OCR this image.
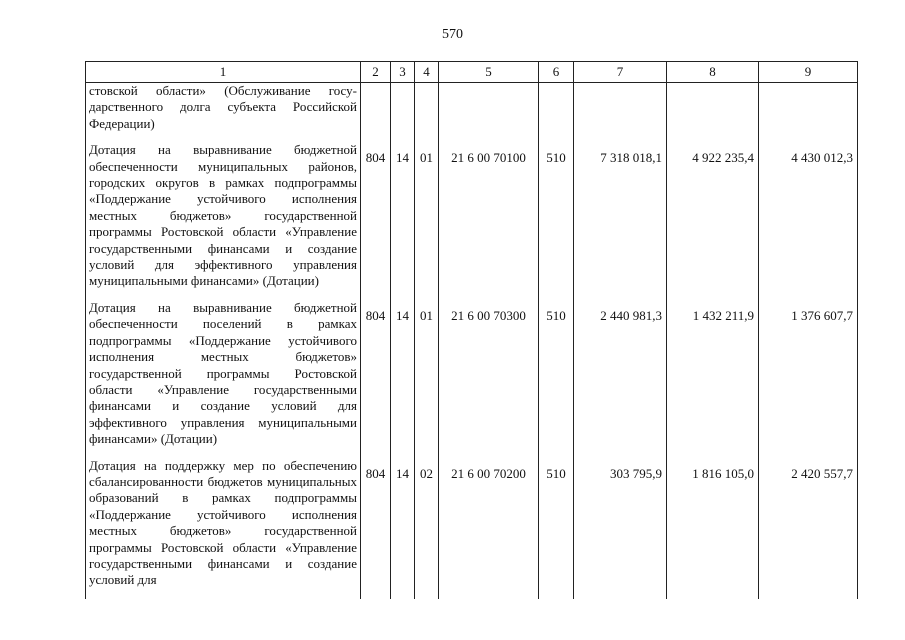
570
1	2	3	4	5	6	7	8	9
стовской области» (Обслуживание государственного долга субъекта Российской Федерации)								
Дотация на выравнивание бюджетной обеспеченности муниципальных районов, городских округов в рамках подпрограммы «Поддержание устойчивого исполнения местных бюджетов» государственной программы Ростовской области «Управление государственными финансами и создание условий для эффективного управления муниципальными финансами» (Дотации)	804	14	01	21 6 00 70100	510	7 318 018,1	4 922 235,4	4 430 012,3
Дотация на выравнивание бюджетной обеспеченности поселений в рамках подпрограммы «Поддержание устойчивого исполнения местных бюджетов» государственной программы Ростовской области «Управление государственными финансами и создание условий для эффективного управления муниципальными финансами» (Дотации)	804	14	01	21 6 00 70300	510	2 440 981,3	1 432 211,9	1 376 607,7
Дотация на поддержку мер по обеспечению сбалансированности бюджетов муниципальных образований в рамках подпрограммы «Поддержание устойчивого исполнения местных бюджетов» государственной программы Ростовской области «Управление государственными финансами и создание условий для	804	14	02	21 6 00 70200	510	303 795,9	1 816 105,0	2 420 557,7
